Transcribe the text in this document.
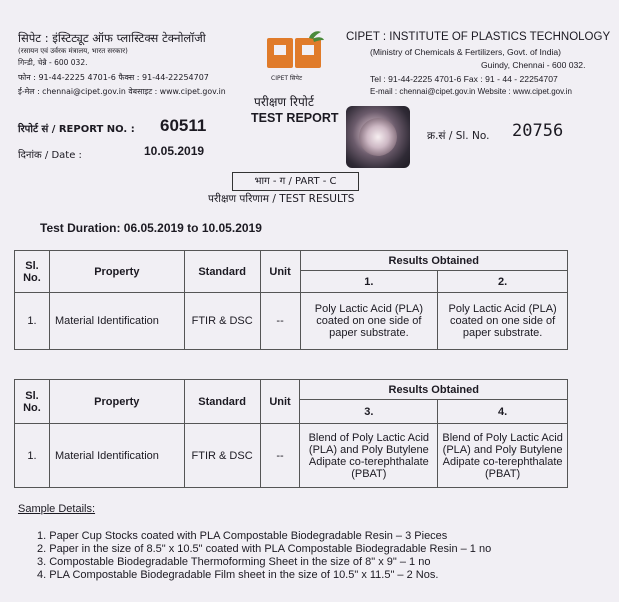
सिपेट : इंस्टिट्यूट ऑफ प्लास्टिक्स टेक्नोलॉजी
(रसायन एवं उर्वरक मंत्रालय, भारत सरकार)
गिन्डी, चेन्नै - 600 032.
फोन : 91-44-2225 4701-6 फैक्स : 91-44-22254707
ई-मेल : chennai@cipet.gov.in वेबसाइट : www.cipet.gov.in
CIPET सिपेट
CIPET : INSTITUTE OF PLASTICS TECHNOLOGY
(Ministry of Chemicals & Fertilizers, Govt. of India)
Guindy, Chennai - 600 032.
Tel : 91-44-2225 4701-6 Fax : 91 - 44 - 22254707
E-mail : chennai@cipet.gov.in Website : www.cipet.gov.in
परीक्षण रिपोर्ट
TEST REPORT
रिपोर्ट सं / REPORT NO. : 60511
दिनांक / Date :	10.05.2019
क्र.सं / Sl. No. 20756
भाग - ग / PART - C
परीक्षण परिणाम / TEST RESULTS
Test Duration: 06.05.2019 to 10.05.2019
Sl. No.	Property	Standard	Unit	Results Obtained	
				1.	2.
1.	Material Identification	FTIR & DSC	--	Poly Lactic Acid (PLA) coated on one side of paper substrate.	Poly Lactic Acid (PLA) coated on one side of paper substrate.
Sl. No.	Property	Standard	Unit	Results Obtained	
				3.	4.
1.	Material Identification	FTIR & DSC	--	Blend of Poly Lactic Acid (PLA) and Poly Butylene Adipate co-terephthalate (PBAT)	Blend of Poly Lactic Acid (PLA) and Poly Butylene Adipate co-terephthalate (PBAT)
Sample Details:
1. Paper Cup Stocks coated with PLA Compostable Biodegradable Resin – 3 Pieces
2. Paper in the size of 8.5" x 10.5" coated with PLA Compostable Biodegradable Resin – 1 no
3. Compostable Biodegradable Thermoforming Sheet in the size of 8" x 9" – 1 no
4. PLA Compostable Biodegradable Film sheet in the size of 10.5" x 11.5" – 2 Nos.
